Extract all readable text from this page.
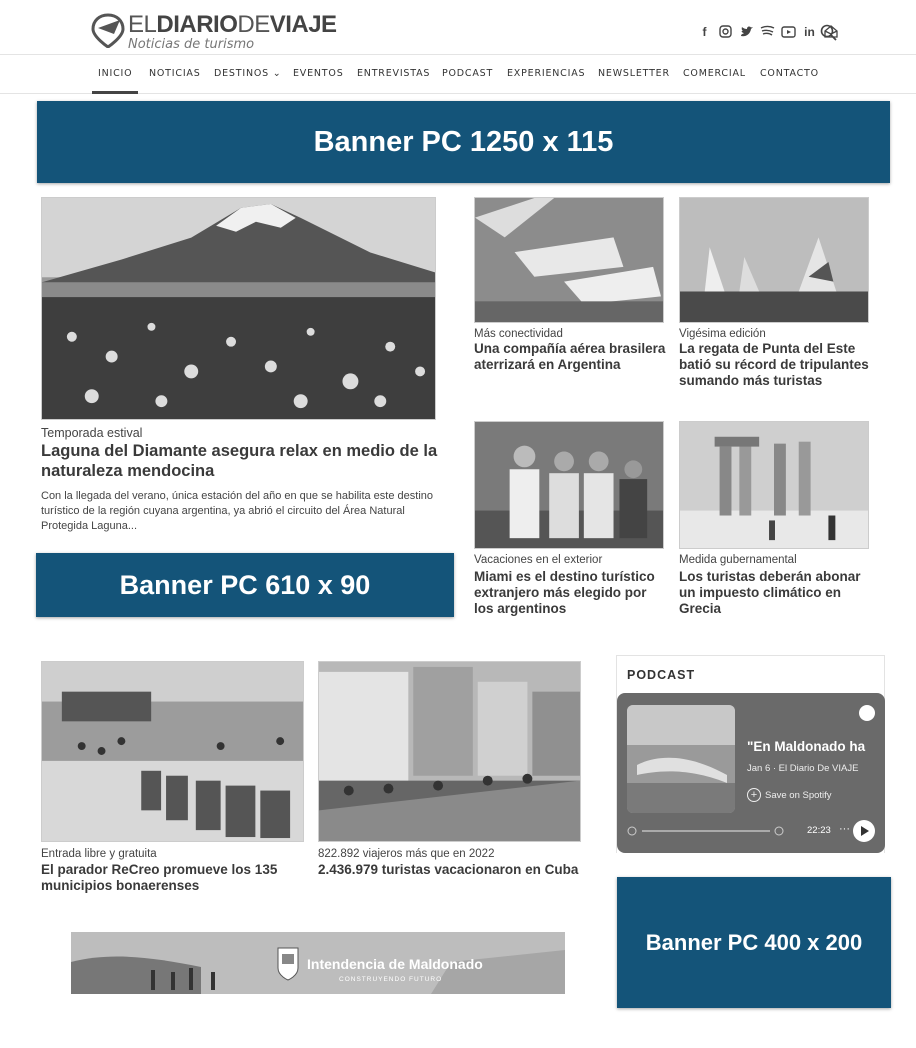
ELDIARIODEVIAJE
Noticias de turismo
f	in
INICIO NOTICIAS DESTINOS ⌄ EVENTOS ENTREVISTAS PODCAST EXPERIENCIAS NEWSLETTER COMERCIAL CONTACTO
Banner PC 1250 x 115
Temporada estival
Laguna del Diamante asegura relax en medio de la naturaleza mendocina
Con la llegada del verano, única estación del año en que se habilita este destino turístico de la región cuyana argentina, ya abrió el circuito del Área Natural Protegida Laguna...
Banner PC 610 x 90
Más conectividad
Una compañía aérea brasilera aterrizará en Argentina
Vigésima edición
La regata de Punta del Este batió su récord de tripulantes sumando más turistas
Vacaciones en el exterior
Miami es el destino turístico extranjero más elegido por los argentinos
Medida gubernamental
Los turistas deberán abonar un impuesto climático en Grecia
Entrada libre y gratuita
El parador ReCreo promueve los 135 municipios bonaerenses
822.892 viajeros más que en 2022
2.436.979 turistas vacacionaron en Cuba
PODCAST
"En Maldonado ha
Jan 6 · El Diario De VIAJE
+ Save on Spotify
22:23 ···
Banner PC 400 x 200
Intendencia de Maldonado
CONSTRUYENDO FUTURO
